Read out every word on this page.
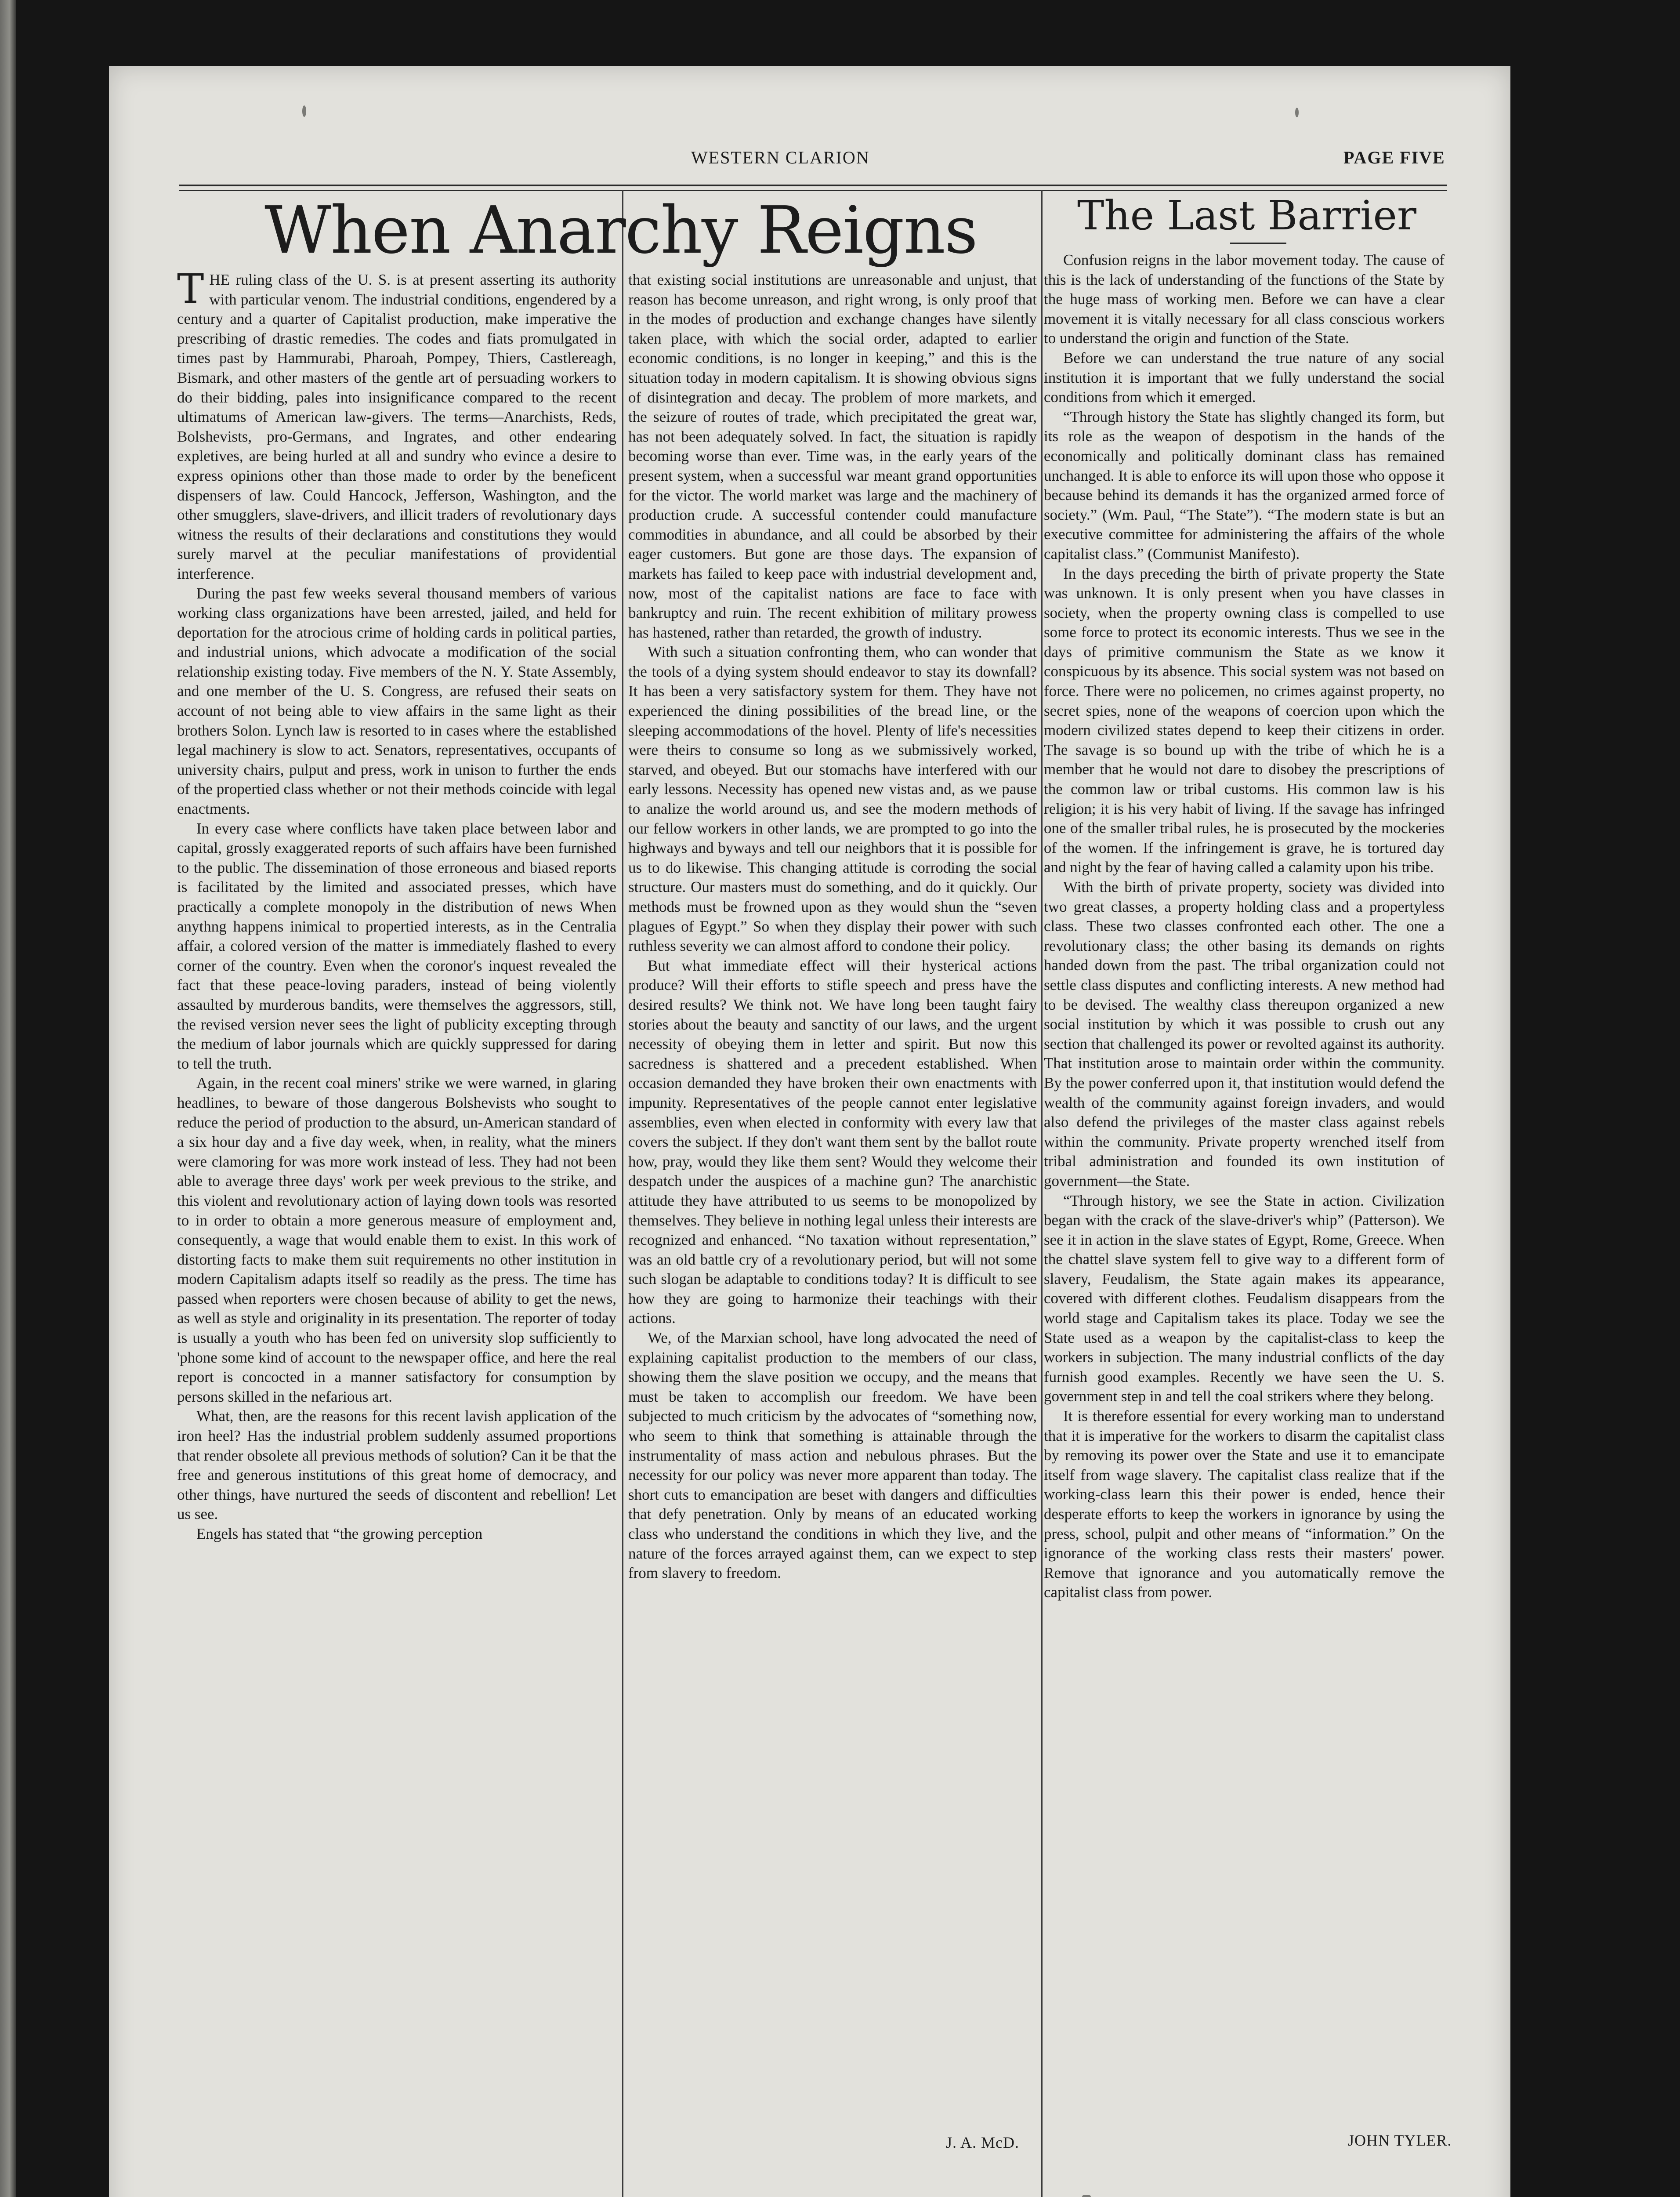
WESTERN CLARION	PAGE FIVE
When Anarchy Reigns	The Last Barrier

THE ruling class of the U. S. is at present asserting its authority with particular venom. The industrial conditions, engendered by a century and a quarter of Capitalist production, make imperative the prescribing of drastic remedies. The codes and fiats promulgated in times past by Hammurabi, Pharoah, Pompey, Thiers, Castlereagh, Bismark, and other masters of the gentle art of persuading workers to do their bidding, pales into insignificance compared to the recent ultimatums of American law-givers. The terms—Anarchists, Reds, Bolshevists, pro-Germans, and Ingrates, and other endearing expletives, are being hurled at all and sundry who evince a desire to express opinions other than those made to order by the beneficent dispensers of law. Could Hancock, Jefferson, Washington, and the other smugglers, slave-drivers, and illicit traders of revolutionary days witness the results of their declarations and constitutions they would surely marvel at the peculiar manifestations of providential interference.

During the past few weeks several thousand members of various working class organizations have been arrested, jailed, and held for deportation for the atrocious crime of holding cards in political parties, and industrial unions, which advocate a modification of the social relationship existing today. Five members of the N. Y. State Assembly, and one member of the U. S. Congress, are refused their seats on account of not being able to view affairs in the same light as their brothers Solon. Lynch law is resorted to in cases where the established legal machinery is slow to act. Senators, representatives, occupants of university chairs, pulput and press, work in unison to further the ends of the propertied class whether or not their methods coincide with legal enactments.

In every case where conflicts have taken place between labor and capital, grossly exaggerated reports of such affairs have been furnished to the public. The dissemination of those erroneous and biased reports is facilitated by the limited and associated presses, which have practically a complete monopoly in the distribution of news When anythng happens inimical to propertied interests, as in the Centralia affair, a colored version of the matter is immediately flashed to every corner of the country. Even when the coronor's inquest revealed the fact that these peace-loving paraders, instead of being violently assaulted by murderous bandits, were themselves the aggressors, still, the revised version never sees the light of publicity excepting through the medium of labor journals which are quickly suppressed for daring to tell the truth.

Again, in the recent coal miners' strike we were warned, in glaring headlines, to beware of those dangerous Bolshevists who sought to reduce the period of production to the absurd, un-American standard of a six hour day and a five day week, when, in reality, what the miners were clamoring for was more work instead of less. They had not been able to average three days' work per week previous to the strike, and this violent and revolutionary action of laying down tools was resorted to in order to obtain a more generous measure of employment and, consequently, a wage that would enable them to exist. In this work of distorting facts to make them suit requirements no other institution in modern Capitalism adapts itself so readily as the press. The time has passed when reporters were chosen because of ability to get the news, as well as style and originality in its presentation. The reporter of today is usually a youth who has been fed on university slop sufficiently to 'phone some kind of account to the newspaper office, and here the real report is concocted in a manner satisfactory for consumption by persons skilled in the nefarious art.

What, then, are the reasons for this recent lavish application of the iron heel? Has the industrial problem suddenly assumed proportions that render obsolete all previous methods of solution? Can it be that the free and generous institutions of this great home of democracy, and other things, have nurtured the seeds of discontent and rebellion! Let us see.

Engels has stated that “the growing perception

that existing social institutions are unreasonable and unjust, that reason has become unreason, and right wrong, is only proof that in the modes of production and exchange changes have silently taken place, with which the social order, adapted to earlier economic conditions, is no longer in keeping,” and this is the situation today in modern capitalism. It is showing obvious signs of disintegration and decay. The problem of more markets, and the seizure of routes of trade, which precipitated the great war, has not been adequately solved. In fact, the situation is rapidly becoming worse than ever. Time was, in the early years of the present system, when a successful war meant grand opportunities for the victor. The world market was large and the machinery of production crude. A successful contender could manufacture commodities in abundance, and all could be absorbed by their eager customers. But gone are those days. The expansion of markets has failed to keep pace with industrial development and, now, most of the capitalist nations are face to face with bankruptcy and ruin. The recent exhibition of military prowess has hastened, rather than retarded, the growth of industry.

With such a situation confronting them, who can wonder that the tools of a dying system should endeavor to stay its downfall? It has been a very satisfactory system for them. They have not experienced the dining possibilities of the bread line, or the sleeping accommodations of the hovel. Plenty of life's necessities were theirs to consume so long as we submissively worked, starved, and obeyed. But our stomachs have interfered with our early lessons. Necessity has opened new vistas and, as we pause to analize the world around us, and see the modern methods of our fellow workers in other lands, we are prompted to go into the highways and byways and tell our neighbors that it is possible for us to do likewise. This changing attitude is corroding the social structure. Our masters must do something, and do it quickly. Our methods must be frowned upon as they would shun the “seven plagues of Egypt.” So when they display their power with such ruthless severity we can almost afford to condone their policy.

But what immediate effect will their hysterical actions produce? Will their efforts to stifle speech and press have the desired results? We think not. We have long been taught fairy stories about the beauty and sanctity of our laws, and the urgent necessity of obeying them in letter and spirit. But now this sacredness is shattered and a precedent established. When occasion demanded they have broken their own enactments with impunity. Representatives of the people cannot enter legislative assemblies, even when elected in conformity with every law that covers the subject. If they don't want them sent by the ballot route how, pray, would they like them sent? Would they welcome their despatch under the auspices of a machine gun? The anarchistic attitude they have attributed to us seems to be monopolized by themselves. They believe in nothing legal unless their interests are recognized and enhanced. “No taxation without representation,” was an old battle cry of a revolutionary period, but will not some such slogan be adaptable to conditions today? It is difficult to see how they are going to harmonize their teachings with their actions.

We, of the Marxian school, have long advocated the need of explaining capitalist production to the members of our class, showing them the slave position we occupy, and the means that must be taken to accomplish our freedom. We have been subjected to much criticism by the advocates of “something now, who seem to think that something is attainable through the instrumentality of mass action and nebulous phrases. But the necessity for our policy was never more apparent than today. The short cuts to emancipation are beset with dangers and difficulties that defy penetration. Only by means of an educated working class who understand the conditions in which they live, and the nature of the forces arrayed against them, can we expect to step from slavery to freedom.

J. A. McD.

Confusion reigns in the labor movement today. The cause of this is the lack of understanding of the functions of the State by the huge mass of working men. Before we can have a clear movement it is vitally necessary for all class conscious workers to understand the origin and function of the State.

Before we can understand the true nature of any social institution it is important that we fully understand the social conditions from which it emerged.

“Through history the State has slightly changed its form, but its role as the weapon of despotism in the hands of the economically and politically dominant class has remained unchanged. It is able to enforce its will upon those who oppose it because behind its demands it has the organized armed force of society.” (Wm. Paul, “The State”). “The modern state is but an executive committee for administering the affairs of the whole capitalist class.” (Communist Manifesto).

In the days preceding the birth of private property the State was unknown. It is only present when you have classes in society, when the property owning class is compelled to use some force to protect its economic interests. Thus we see in the days of primitive communism the State as we know it conspicuous by its absence. This social system was not based on force. There were no policemen, no crimes against property, no secret spies, none of the weapons of coercion upon which the modern civilized states depend to keep their citizens in order. The savage is so bound up with the tribe of which he is a member that he would not dare to disobey the prescriptions of the common law or tribal customs. His common law is his religion; it is his very habit of living. If the savage has infringed one of the smaller tribal rules, he is prosecuted by the mockeries of the women. If the infringement is grave, he is tortured day and night by the fear of having called a calamity upon his tribe.

With the birth of private property, society was divided into two great classes, a property holding class and a propertyless class. These two classes confronted each other. The one a revolutionary class; the other basing its demands on rights handed down from the past. The tribal organization could not settle class disputes and conflicting interests. A new method had to be devised. The wealthy class thereupon organized a new social institution by which it was possible to crush out any section that challenged its power or revolted against its authority. That institution arose to maintain order within the community. By the power conferred upon it, that institution would defend the wealth of the community against foreign invaders, and would also defend the privileges of the master class against rebels within the community. Private property wrenched itself from tribal administration and founded its own institution of government—the State.

“Through history, we see the State in action. Civilization began with the crack of the slave-driver's whip” (Patterson). We see it in action in the slave states of Egypt, Rome, Greece. When the chattel slave system fell to give way to a different form of slavery, Feudalism, the State again makes its appearance, covered with different clothes. Feudalism disappears from the world stage and Capitalism takes its place. Today we see the State used as a weapon by the capitalist-class to keep the workers in subjection. The many industrial conflicts of the day furnish good examples. Recently we have seen the U. S. government step in and tell the coal strikers where they belong.

It is therefore essential for every working man to understand that it is imperative for the workers to disarm the capitalist class by removing its power over the State and use it to emancipate itself from wage slavery. The capitalist class realize that if the working-class learn this their power is ended, hence their desperate efforts to keep the workers in ignorance by using the press, school, pulpit and other means of “information.” On the ignorance of the working class rests their masters' power. Remove that ignorance and you automatically remove the capitalist class from power.

JOHN TYLER.
